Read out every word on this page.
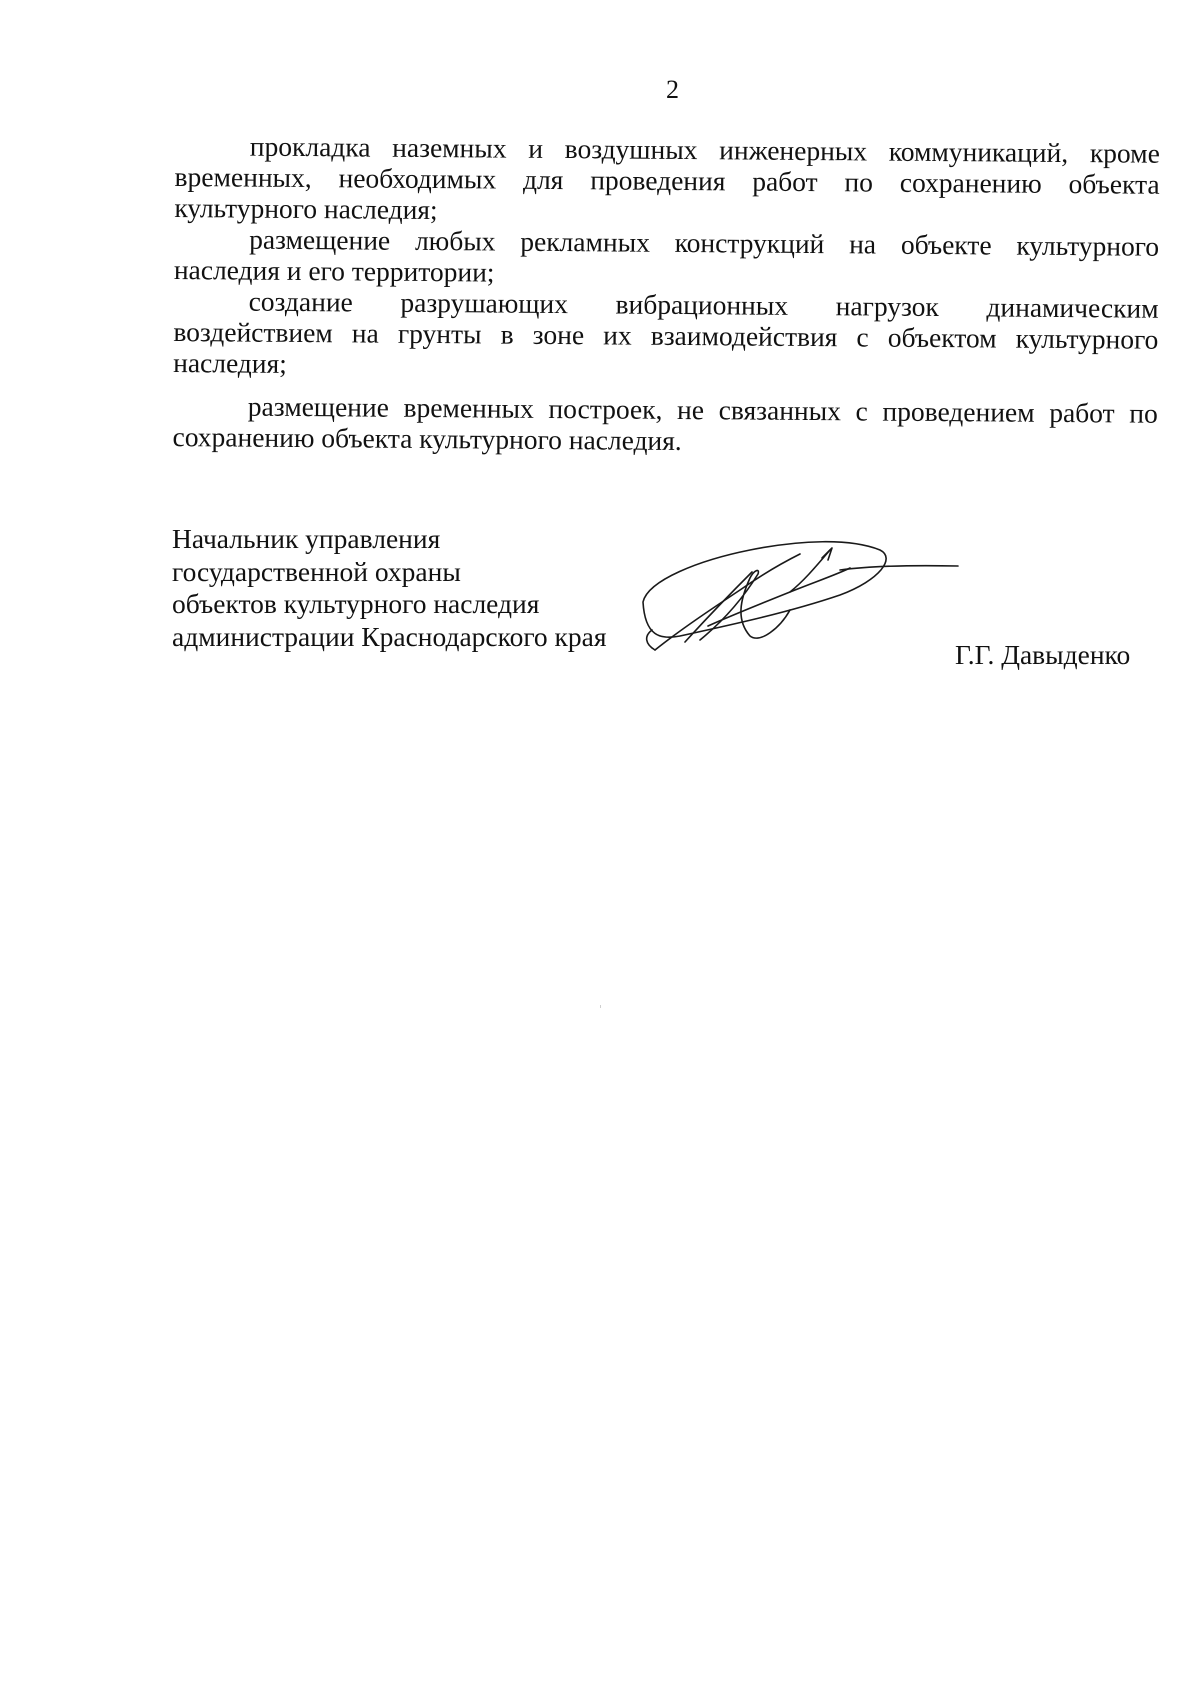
2

прокладка наземных и воздушных инженерных коммуникаций, кроме временных, необходимых для проведения работ по сохранению объекта культурного наследия;

размещение любых рекламных конструкций на объекте культурного наследия и его территории;

создание разрушающих вибрационных нагрузок динамическим воздействием на грунты в зоне их взаимодействия с объектом культурного наследия;

размещение временных построек, не связанных с проведением работ по сохранению объекта культурного наследия.

Начальник управления
государственной охраны
объектов культурного наследия
администрации Краснодарского края
Г.Г. Давыденко
